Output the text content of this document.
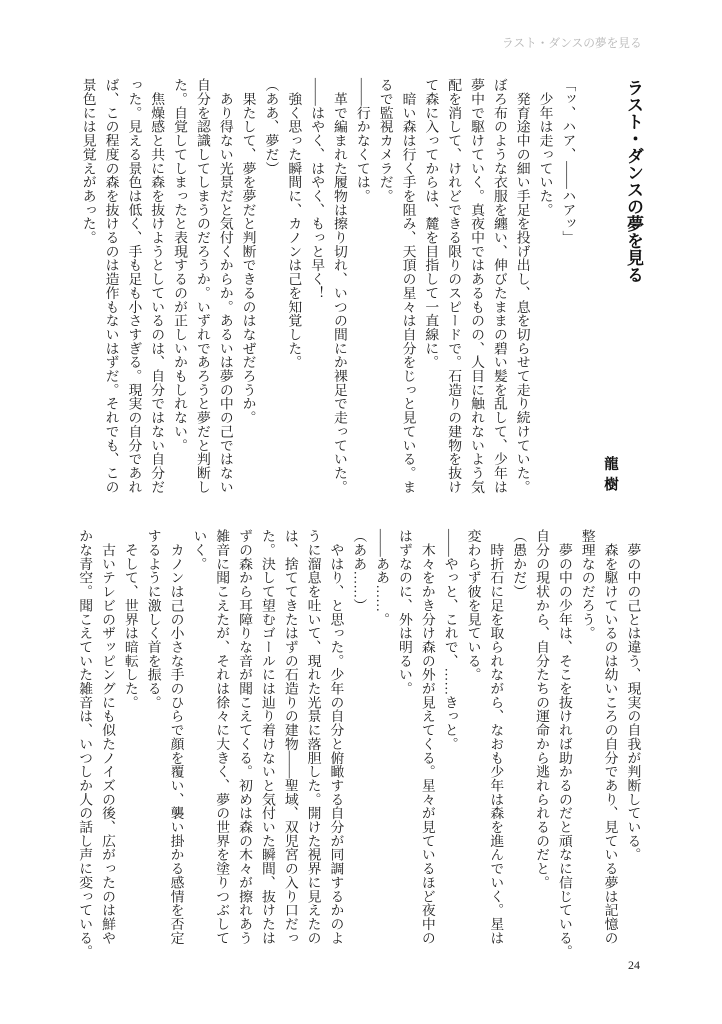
ラスト・ダンスの夢を見る
ラスト・ダンスの夢を見る
龍樹
「ッ、ハア、――ハアッ」
　少年は走っていた。
　発育途中の細い手足を投げ出し、息を切らせて走り続けていた。
ぼろ布のような衣服を纏い、伸びたままの碧い髪を乱して、少年は
夢中で駆けていく。真夜中ではあるものの、人目に触れないよう気
配を消して、けれどできる限りのスピードで。石造りの建物を抜け
て森に入ってからは、麓を目指して一直線に。
　暗い森は行く手を阻み、天頂の星々は自分をじっと見ている。ま
るで監視カメラだ。
――行かなくては。
　革で編まれた履物は擦り切れ、いつの間にか裸足で走っていた。
――はやく、はやく、もっと早く！
　強く思った瞬間に、カノンは己を知覚した。
（ああ、夢だ）
　果たして、夢を夢だと判断できるのはなぜだろうか。
　あり得ない光景だと気付くからか。あるいは夢の中の己ではない
自分を認識してしまうのだろうか。いずれであろうと夢だと判断し
た。自覚してしまったと表現するのが正しいかもしれない。
　焦燥感と共に森を抜けようとしているのは、自分ではない自分だ
った。見える景色は低く、手も足も小さすぎる。現実の自分であれ
ば、この程度の森を抜けるのは造作もないはずだ。それでも、この
景色には見覚えがあった。
　夢の中の己とは違う、現実の自我が判断している。
　森を駆けているのは幼いころの自分であり、見ている夢は記憶の
整理なのだろう。
　夢の中の少年は、そこを抜ければ助かるのだと頑なに信じている。
自分の現状から、自分たちの運命から逃れられるのだと。
（愚かだ）
　時折石に足を取られながら、なおも少年は森を進んでいく。星は
変わらず彼を見ている。
――やっと、これで、……きっと。
　木々をかき分け森の外が見えてくる。星々が見ているほど夜中の
はずなのに、外は明るい。
――ああ……。
（ああ……）
　やはり、と思った。少年の自分と俯瞰する自分が同調するかのよ
うに溜息を吐いて、現れた光景に落胆した。開けた視界に見えたの
は、捨ててきたはずの石造りの建物――聖域、双児宮の入り口だっ
た。決して望むゴールには辿り着けないと気付いた瞬間、抜けたは
ずの森から耳障りな音が聞こえてくる。初めは森の木々が擦れあう
雑音に聞こえたが、それは徐々に大きく、夢の世界を塗りつぶして
いく。
　カノンは己の小さな手のひらで顔を覆い、襲い掛かる感情を否定
するように激しく首を振る。
　そして、世界は暗転した。
　古いテレビのザッピングにも似たノイズの後、広がったのは鮮や
かな青空。聞こえていた雑音は、いつしか人の話し声に変っている。
24
